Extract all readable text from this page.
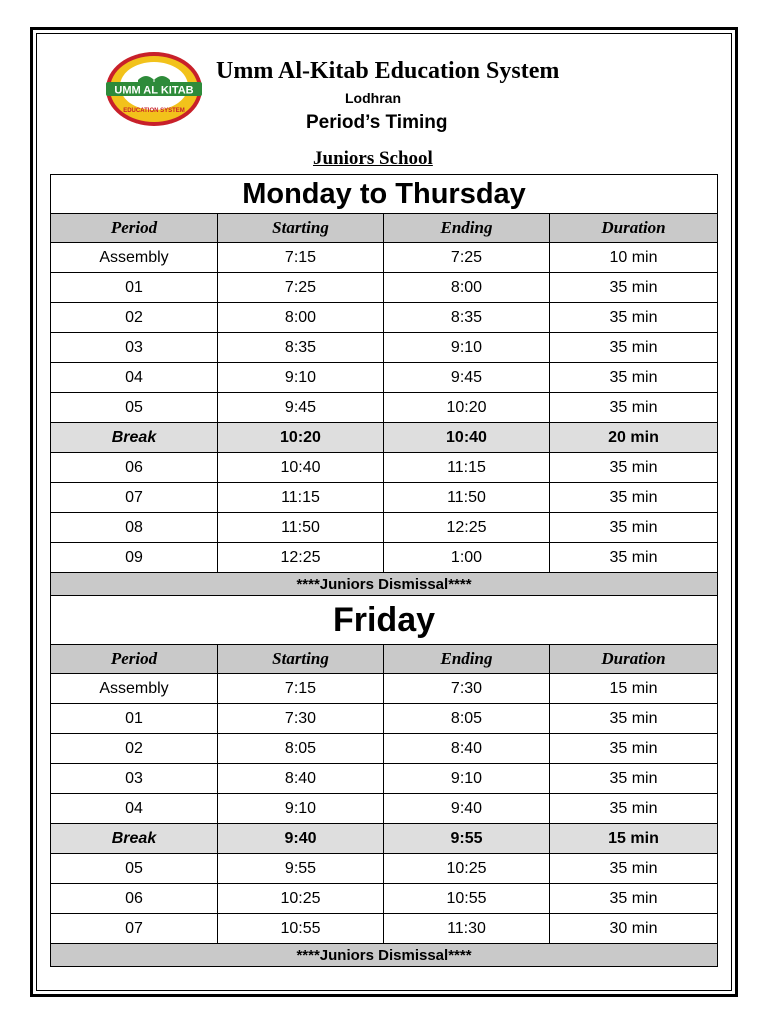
UMM AL KITAB
EDUCATION SYSTEM
Umm Al-Kitab Education System
Lodhran
Period’s Timing
Juniors School
Monday to Thursday			
Period	Starting	Ending	Duration
Assembly	7:15	7:25	10 min
01	7:25	8:00	35 min
02	8:00	8:35	35 min
03	8:35	9:10	35 min
04	9:10	9:45	35 min
05	9:45	10:20	35 min
Break	10:20	10:40	20 min
06	10:40	11:15	35 min
07	11:15	11:50	35 min
08	11:50	12:25	35 min
09	12:25	1:00	35 min
****Juniors Dismissal****			
Friday			
Period	Starting	Ending	Duration
Assembly	7:15	7:30	15 min
01	7:30	8:05	35 min
02	8:05	8:40	35 min
03	8:40	9:10	35 min
04	9:10	9:40	35 min
Break	9:40	9:55	15 min
05	9:55	10:25	35 min
06	10:25	10:55	35 min
07	10:55	11:30	30 min
****Juniors Dismissal****			
